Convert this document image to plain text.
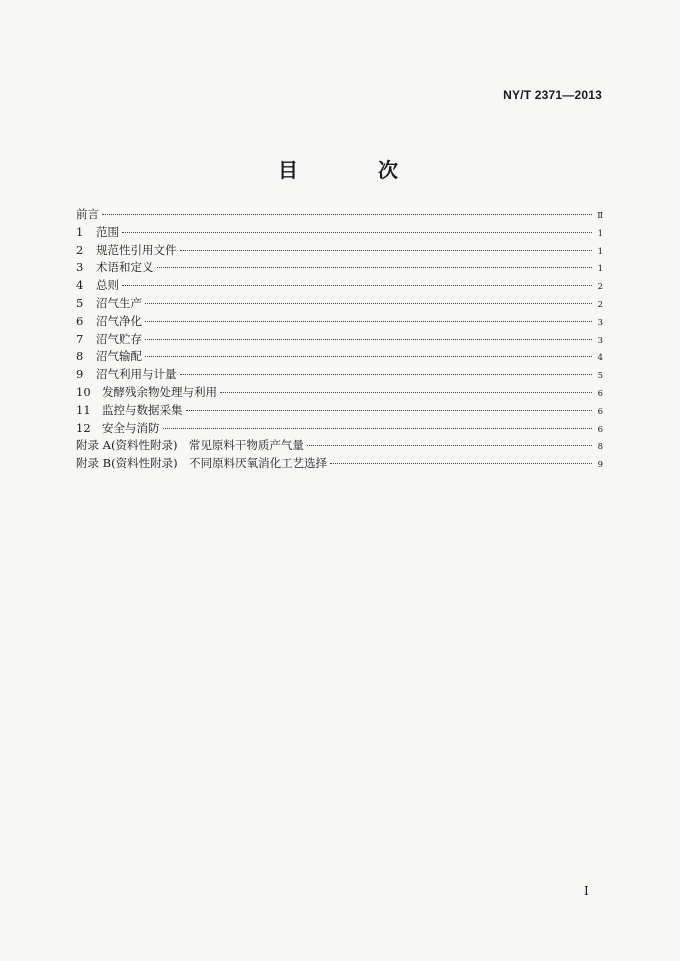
NY/T 2371—2013
目　次
前言	Ⅱ
1	范围	1
2	规范性引用文件	1
3	术语和定义	1
4	总则	2
5	沼气生产	2
6	沼气净化	3
7	沼气贮存	3
8	沼气输配	4
9	沼气利用与计量	5
10 发酵残余物处理与利用	6
11 监控与数据采集	6
12 安全与消防	6
附录 A(资料性附录)　常见原料干物质产气量	8
附录 B(资料性附录)　不同原料厌氧消化工艺选择	9
I
